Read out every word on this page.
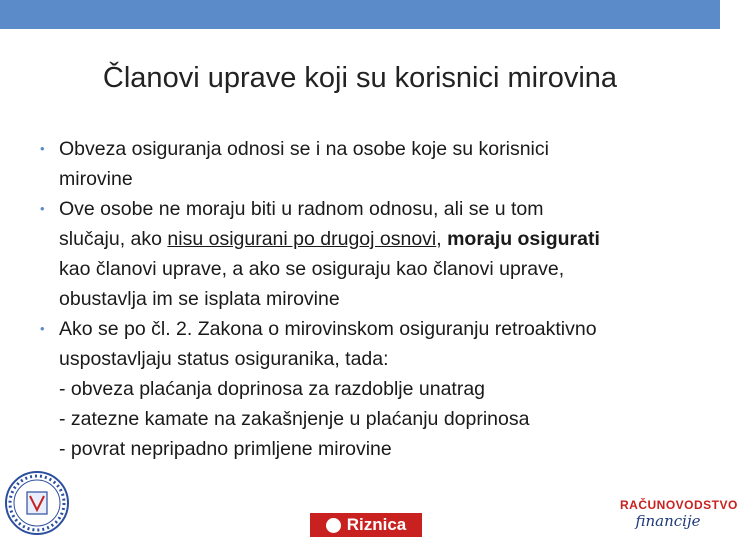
Članovi uprave koji su korisnici mirovina
• Obveza osiguranja odnosi se i na osobe koje su korisnici
mirovine
• Ove osobe ne moraju biti u radnom odnosu, ali se u tom
slučaju, ako nisu osigurani po drugoj osnovi, moraju osigurati
kao članovi uprave, a ako se osiguraju kao članovi uprave,
obustavlja im se isplata mirovine
• Ako se po čl. 2. Zakona o mirovinskom osiguranju retroaktivno
uspostavljaju status osiguranika, tada:
- obveza plaćanja doprinosa za razdoblje unatrag
- zatezne kamate na zakašnjenje u plaćanju doprinosa
- povrat nepripadno primljene mirovine
Riznica
RAČUNOVODSTVO
financije
